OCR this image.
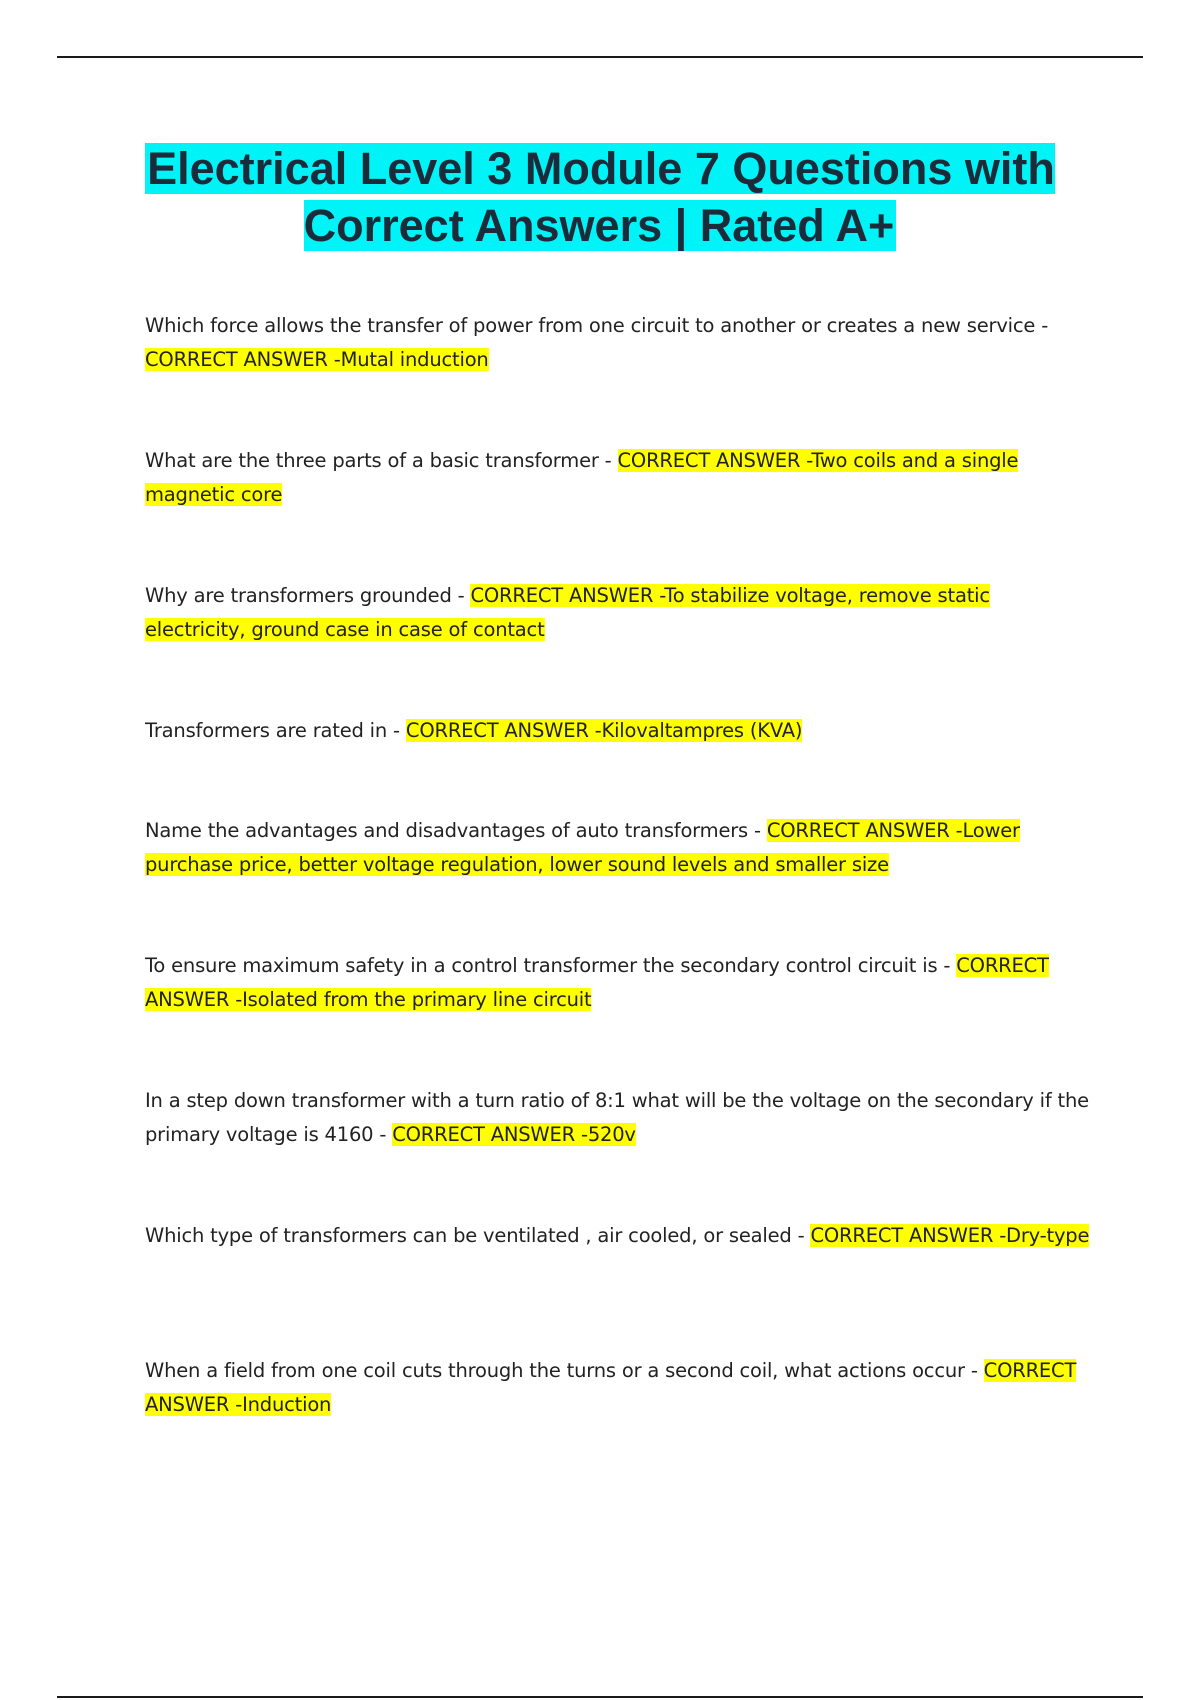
Electrical Level 3 Module 7 Questions with Correct Answers | Rated A+

Which force allows the transfer of power from one circuit to another or creates a new service - CORRECT ANSWER -Mutal induction

What are the three parts of a basic transformer - CORRECT ANSWER -Two coils and a single magnetic core

Why are transformers grounded - CORRECT ANSWER -To stabilize voltage, remove static electricity, ground case in case of contact

Transformers are rated in - CORRECT ANSWER -Kilovaltampres (KVA)

Name the advantages and disadvantages of auto transformers - CORRECT ANSWER -Lower purchase price, better voltage regulation, lower sound levels and smaller size

To ensure maximum safety in a control transformer the secondary control circuit is - CORRECT ANSWER -Isolated from the primary line circuit

In a step down transformer with a turn ratio of 8:1 what will be the voltage on the secondary if the primary voltage is 4160 - CORRECT ANSWER -520v

Which type of transformers can be ventilated , air cooled, or sealed - CORRECT ANSWER -Dry-type

When a field from one coil cuts through the turns or a second coil, what actions occur - CORRECT ANSWER -Induction
